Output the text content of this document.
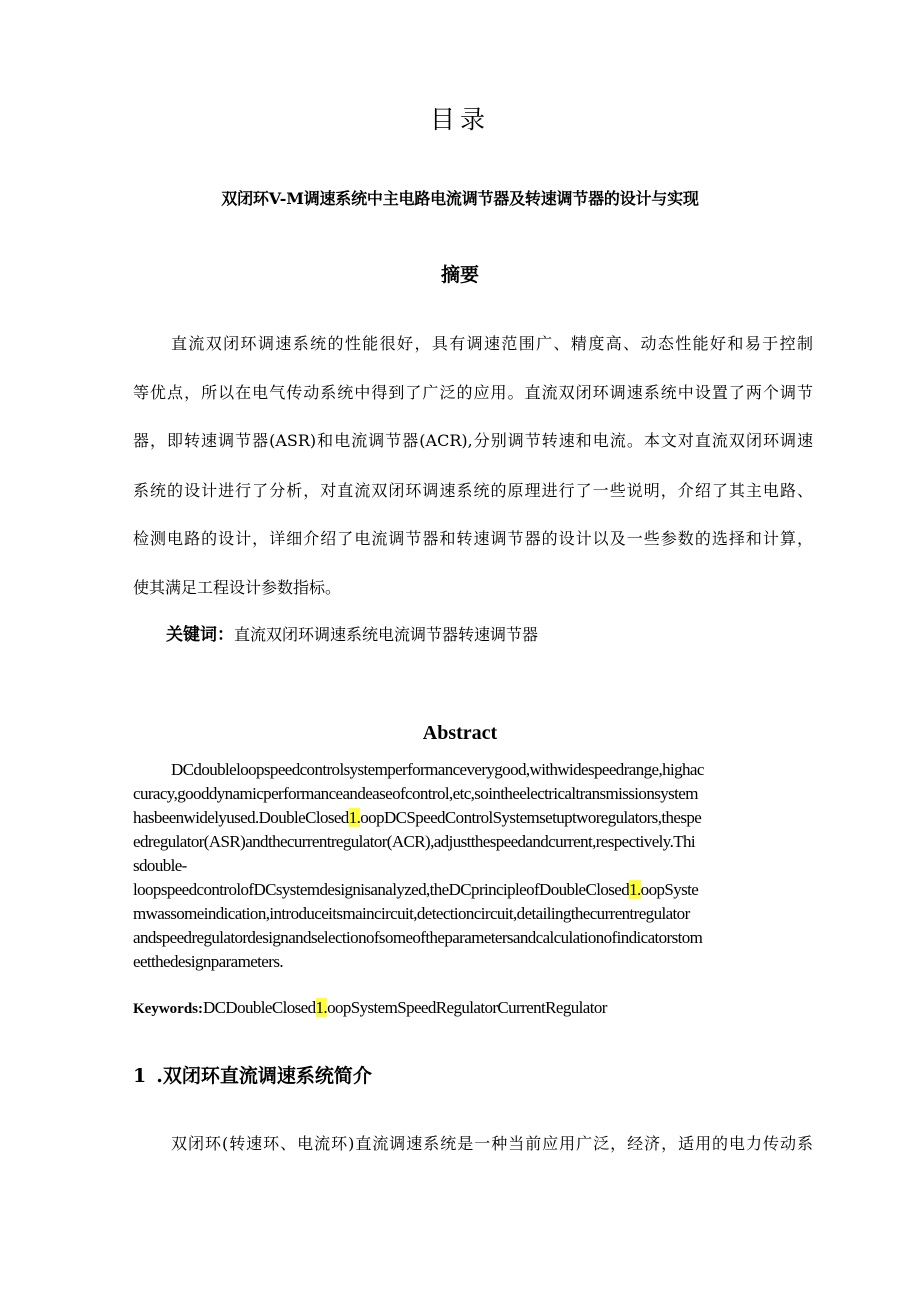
目录
双闭环V-M调速系统中主电路电流调节器及转速调节器的设计与实现
摘要
直流双闭环调速系统的性能很好，具有调速范围广、精度高、动态性能好和易于控制
等优点，所以在电气传动系统中得到了广泛的应用。直流双闭环调速系统中设置了两个调节
器，即转速调节器(ASR)和电流调节器(ACR),分别调节转速和电流。本文对直流双闭环调速
系统的设计进行了分析，对直流双闭环调速系统的原理进行了一些说明，介绍了其主电路、
检测电路的设计，详细介绍了电流调节器和转速调节器的设计以及一些参数的选择和计算，
使其满足工程设计参数指标。
关键词：直流双闭环调速系统电流调节器转速调节器
Abstract
DCdoubleloopspeedcontrolsystemperformanceverygood,withwidespeedrange,highac
curacy,gooddynamicperformanceandeaseofcontrol,etc,sointheelectricaltransmissionsystem
hasbeenwidelyused.DoubleClosed1.oopDCSpeedControlSystemsetuptworegulators,thespe
edregulator(ASR)andthecurrentregulator(ACR),adjustthespeedandcurrent,respectively.Thi
sdouble-
loopspeedcontrolofDCsystemdesignisanalyzed,theDCprincipleofDoubleClosed1.oopSyste
mwassomeindication,introduceitsmaincircuit,detectioncircuit,detailingthecurrentregulator
andspeedregulatordesignandselectionofsomeoftheparametersandcalculationofindicatorstom
eetthedesignparameters.
Keywords:DCDoubleClosed1.oopSystemSpeedRegulatorCurrentRegulator
1 .双闭环直流调速系统简介
双闭环(转速环、电流环)直流调速系统是一种当前应用广泛，经济，适用的电力传动系
